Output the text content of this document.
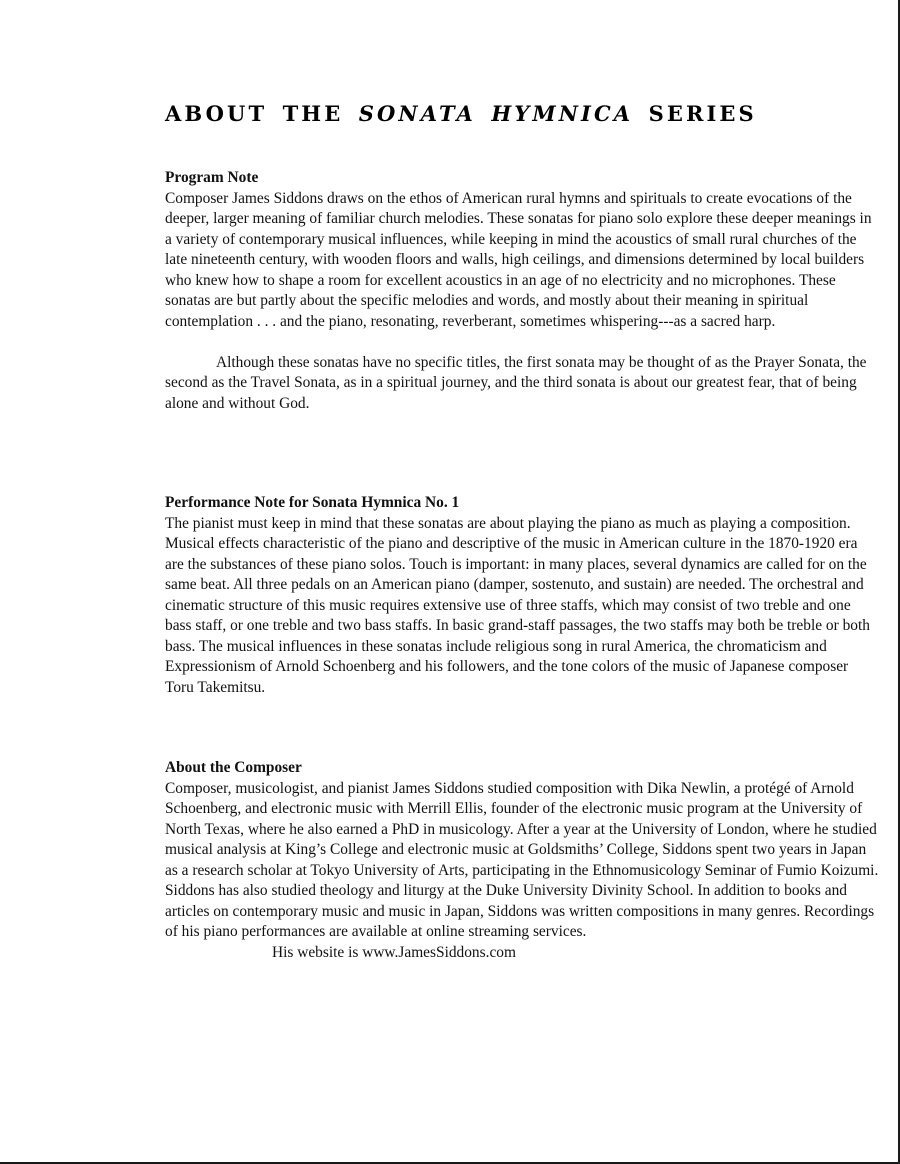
ABOUT THE SONATA HYMNICA SERIES
Program Note

Composer James Siddons draws on the ethos of American rural hymns and spirituals to create evocations of the deeper, larger meaning of familiar church melodies. These sonatas for piano solo explore these deeper meanings in a variety of contemporary musical influences, while keeping in mind the acoustics of small rural churches of the late nineteenth century, with wooden floors and walls, high ceilings, and dimensions determined by local builders who knew how to shape a room for excellent acoustics in an age of no electricity and no microphones. These sonatas are but partly about the specific melodies and words, and mostly about their meaning in spiritual contemplation . . . and the piano, resonating, reverberant, sometimes whispering---as a sacred harp.

Although these sonatas have no specific titles, the first sonata may be thought of as the Prayer Sonata, the second as the Travel Sonata, as in a spiritual journey, and the third sonata is about our greatest fear, that of being alone and without God.

Performance Note for Sonata Hymnica No. 1

The pianist must keep in mind that these sonatas are about playing the piano as much as playing a composition. Musical effects characteristic of the piano and descriptive of the music in American culture in the 1870-1920 era are the substances of these piano solos. Touch is important: in many places, several dynamics are called for on the same beat. All three pedals on an American piano (damper, sostenuto, and sustain) are needed. The orchestral and cinematic structure of this music requires extensive use of three staffs, which may consist of two treble and one bass staff, or one treble and two bass staffs. In basic grand-staff passages, the two staffs may both be treble or both bass. The musical influences in these sonatas include religious song in rural America, the chromaticism and Expressionism of Arnold Schoenberg and his followers, and the tone colors of the music of Japanese composer Toru Takemitsu.

About the Composer

Composer, musicologist, and pianist James Siddons studied composition with Dika Newlin, a protégé of Arnold Schoenberg, and electronic music with Merrill Ellis, founder of the electronic music program at the University of North Texas, where he also earned a PhD in musicology. After a year at the University of London, where he studied musical analysis at King’s College and electronic music at Goldsmiths’ College, Siddons spent two years in Japan as a research scholar at Tokyo University of Arts, participating in the Ethnomusicology Seminar of Fumio Koizumi. Siddons has also studied theology and liturgy at the Duke University Divinity School. In addition to books and articles on contemporary music and music in Japan, Siddons was written compositions in many genres. Recordings of his piano performances are available at online streaming services.

His website is www.JamesSiddons.com
